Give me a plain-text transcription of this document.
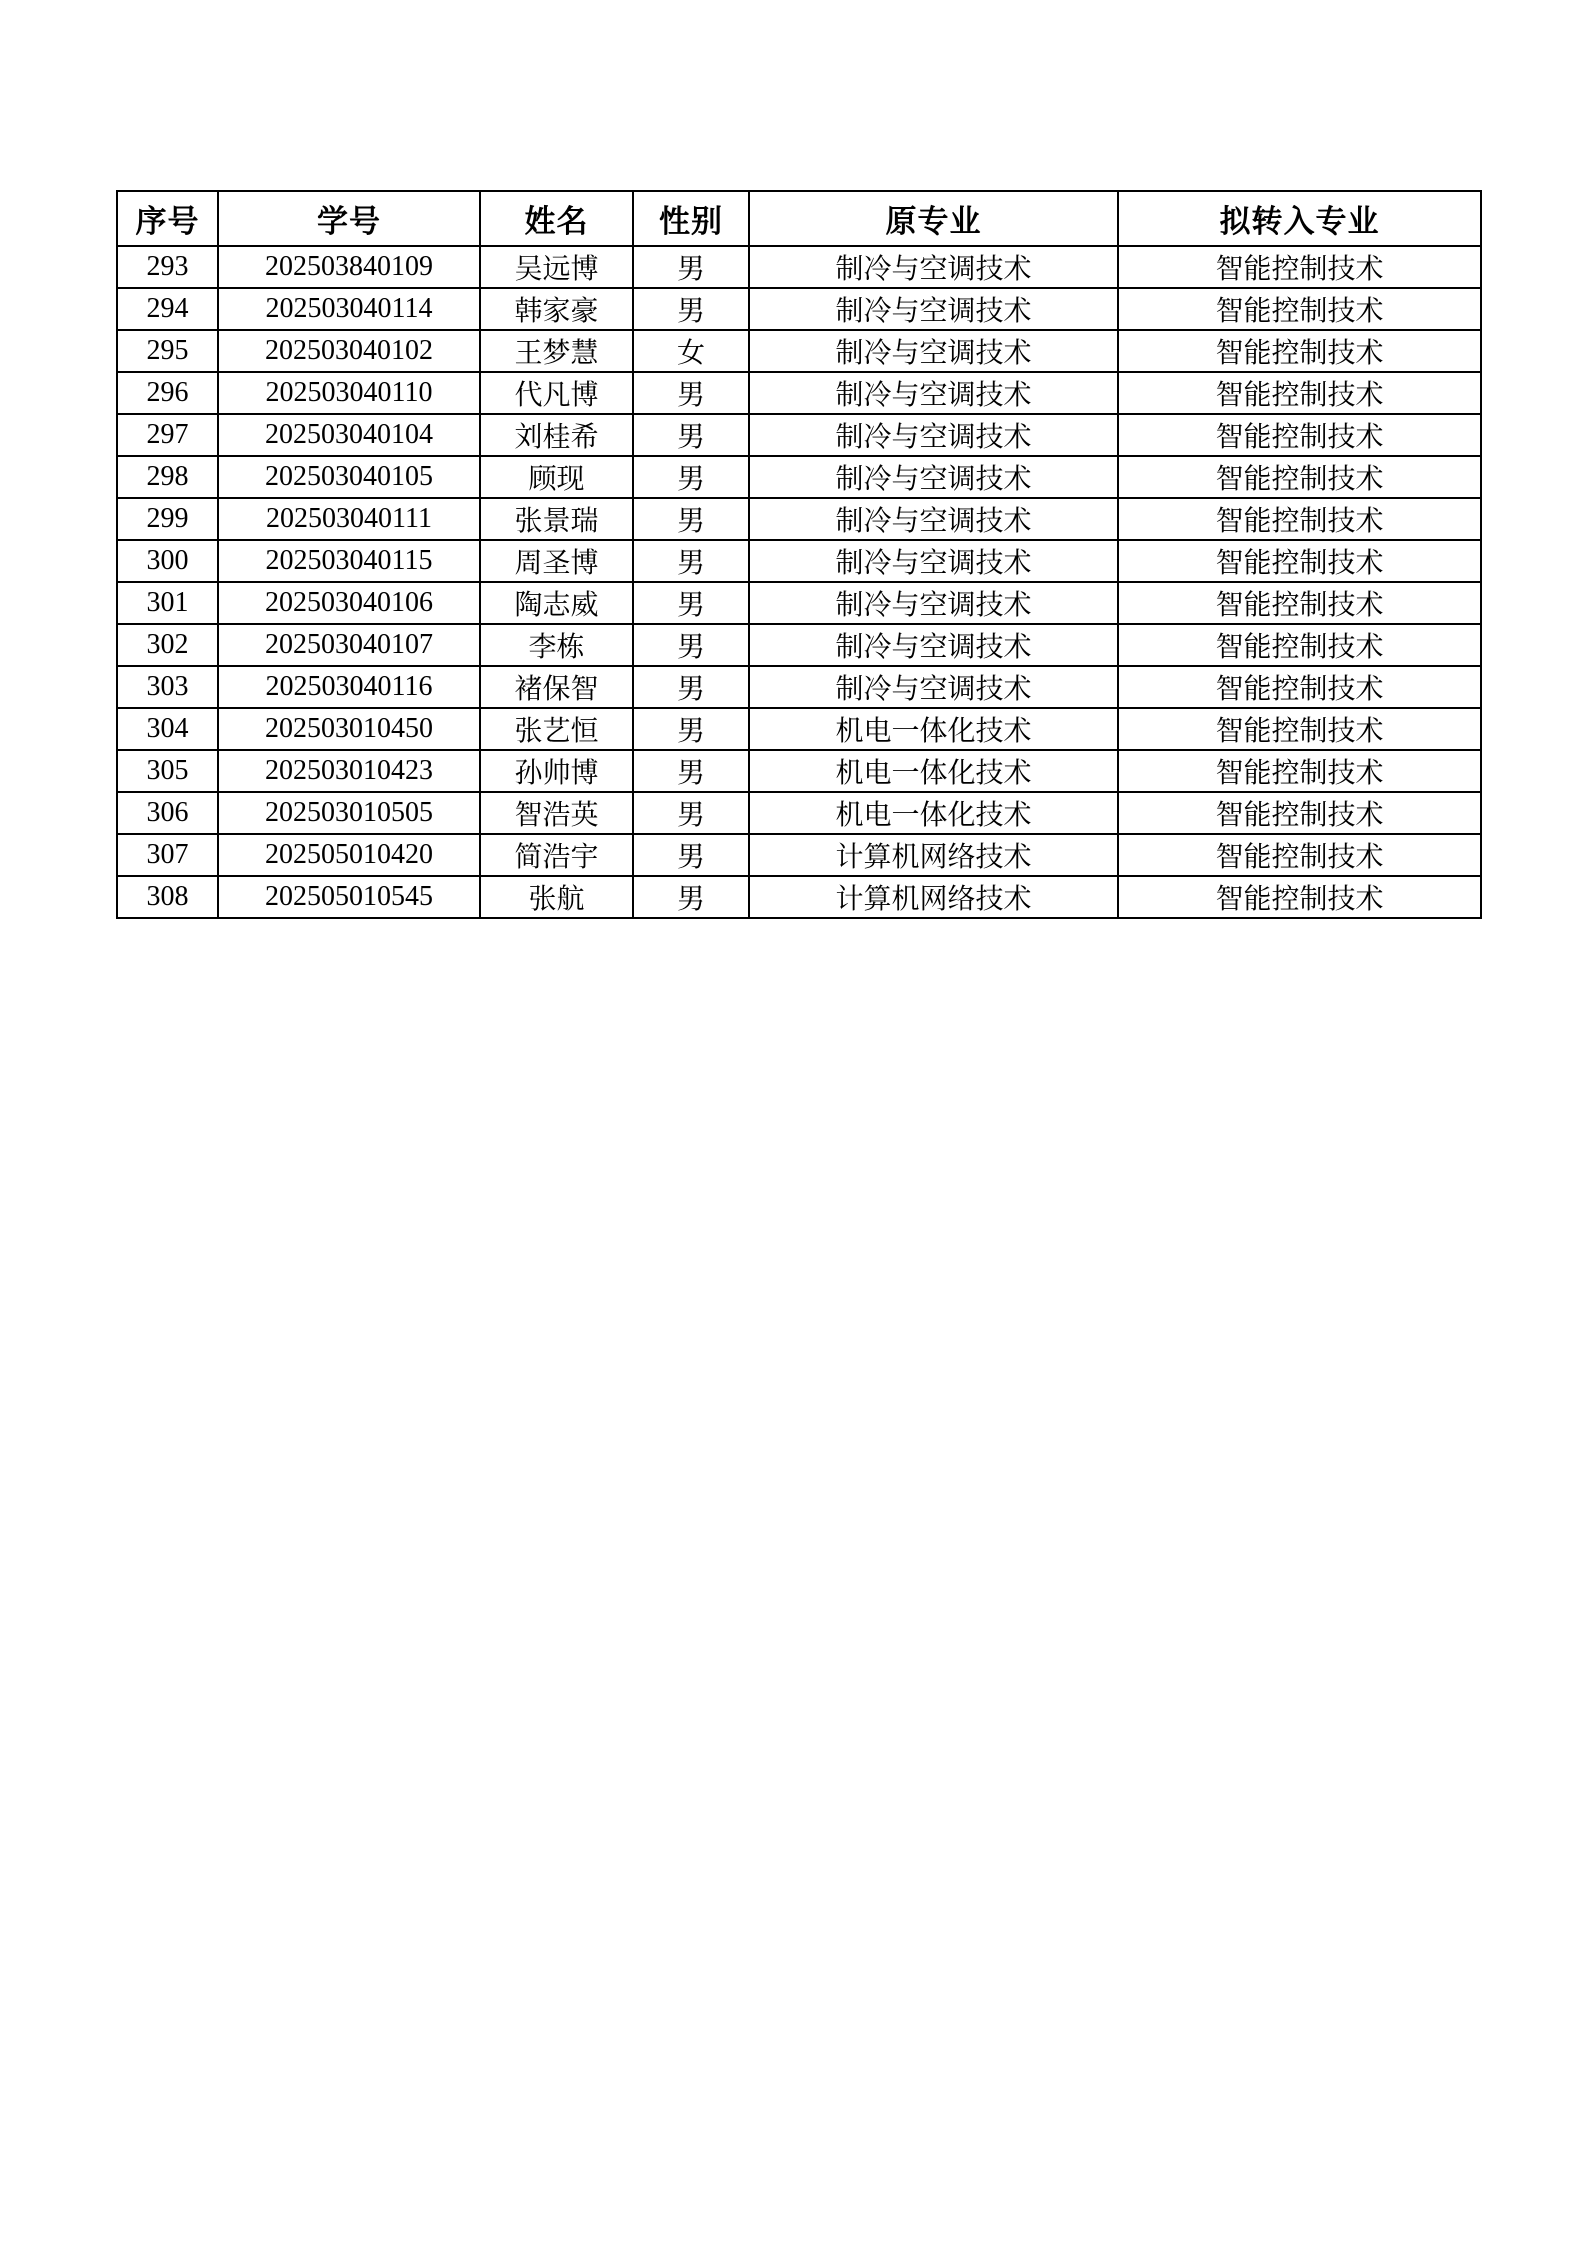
序号	学号	姓名	性别	原专业	拟转入专业
293	202503840109	吴远博	男	制冷与空调技术	智能控制技术
294	202503040114	韩家豪	男	制冷与空调技术	智能控制技术
295	202503040102	王梦慧	女	制冷与空调技术	智能控制技术
296	202503040110	代凡博	男	制冷与空调技术	智能控制技术
297	202503040104	刘桂希	男	制冷与空调技术	智能控制技术
298	202503040105	顾现	男	制冷与空调技术	智能控制技术
299	202503040111	张景瑞	男	制冷与空调技术	智能控制技术
300	202503040115	周圣博	男	制冷与空调技术	智能控制技术
301	202503040106	陶志威	男	制冷与空调技术	智能控制技术
302	202503040107	李栋	男	制冷与空调技术	智能控制技术
303	202503040116	褚保智	男	制冷与空调技术	智能控制技术
304	202503010450	张艺恒	男	机电一体化技术	智能控制技术
305	202503010423	孙帅博	男	机电一体化技术	智能控制技术
306	202503010505	智浩英	男	机电一体化技术	智能控制技术
307	202505010420	简浩宇	男	计算机网络技术	智能控制技术
308	202505010545	张航	男	计算机网络技术	智能控制技术
